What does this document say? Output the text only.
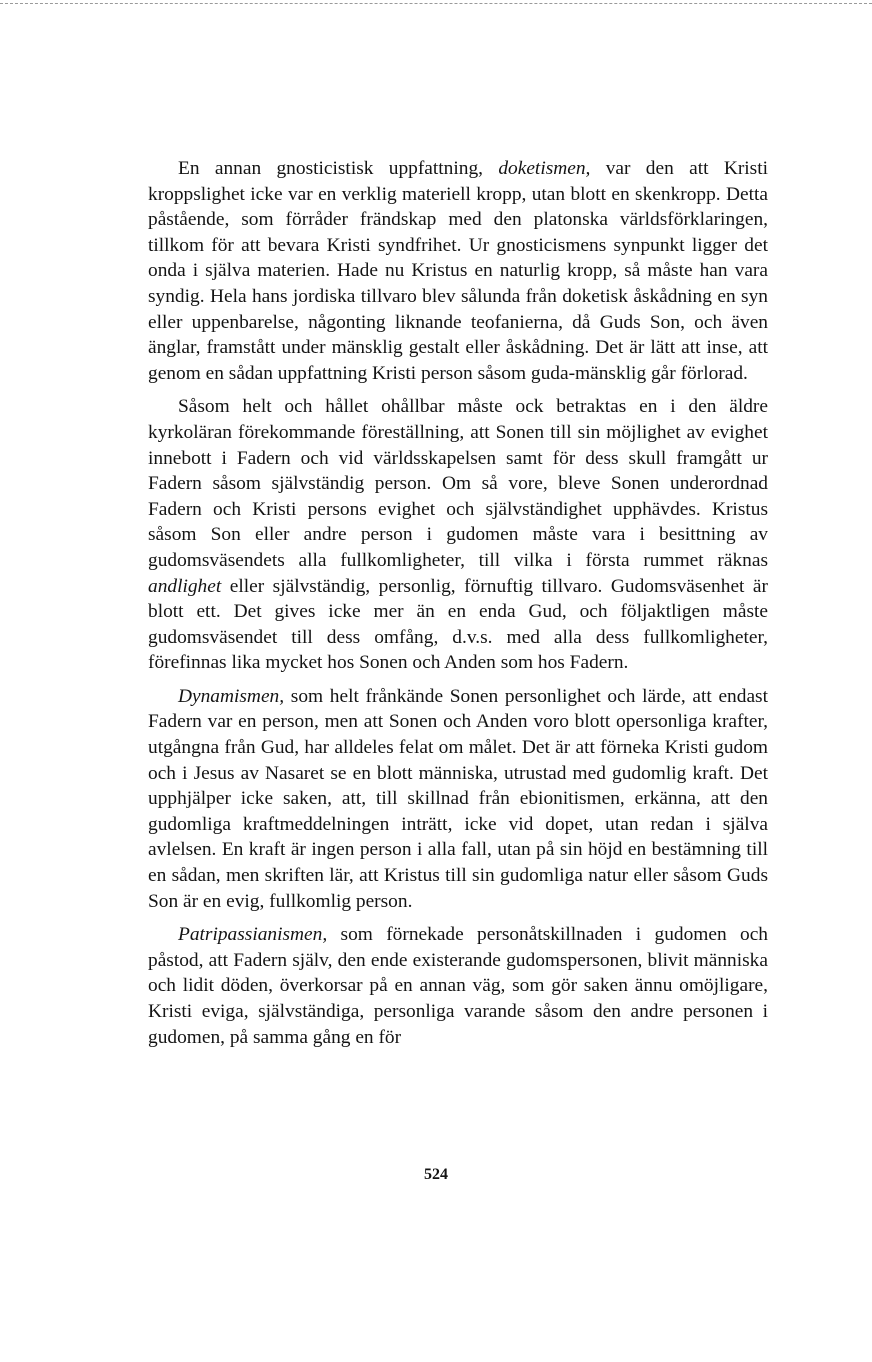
En annan gnosticistisk uppfattning, doketismen, var den att Kristi kroppslighet icke var en verklig materiell kropp, utan blott en skenkropp. Detta påstående, som förråder frändskap med den platonska världsförklaringen, tillkom för att bevara Kristi syndfrihet. Ur gnosticismens synpunkt ligger det onda i själva materien. Hade nu Kristus en naturlig kropp, så måste han vara syndig. Hela hans jordiska tillvaro blev sålunda från doketisk åskådning en syn eller uppenbarelse, någonting liknande teofanierna, då Guds Son, och även änglar, framstått under mänsklig gestalt eller åskådning. Det är lätt att inse, att genom en sådan uppfattning Kristi person såsom guda-mänsklig går förlorad.

Såsom helt och hållet ohållbar måste ock betraktas en i den äldre kyrkoläran förekommande föreställning, att Sonen till sin möjlighet av evighet innebott i Fadern och vid världsskapelsen samt för dess skull framgått ur Fadern såsom självständig person. Om så vore, bleve Sonen underordnad Fadern och Kristi persons evighet och självständighet upphävdes. Kristus såsom Son eller andre person i gudomen måste vara i besittning av gudomsväsendets alla fullkomligheter, till vilka i första rummet räknas andlighet eller självständig, personlig, förnuftig tillvaro. Gudomsväsenhet är blott ett. Det gives icke mer än en enda Gud, och följaktligen måste gudomsväsendet till dess omfång, d.v.s. med alla dess fullkomligheter, förefinnas lika mycket hos Sonen och Anden som hos Fadern.

Dynamismen, som helt frånkände Sonen personlighet och lärde, att endast Fadern var en person, men att Sonen och Anden voro blott opersonliga krafter, utgångna från Gud, har alldeles felat om målet. Det är att förneka Kristi gudom och i Jesus av Nasaret se en blott människa, utrustad med gudomlig kraft. Det upphjälper icke saken, att, till skillnad från ebionitismen, erkänna, att den gudomliga kraftmeddelningen inträtt, icke vid dopet, utan redan i själva avlelsen. En kraft är ingen person i alla fall, utan på sin höjd en bestämning till en sådan, men skriften lär, att Kristus till sin gudomliga natur eller såsom Guds Son är en evig, fullkomlig person.

Patripassianismen, som förnekade personåtskillnaden i gudomen och påstod, att Fadern själv, den ende existerande gudomspersonen, blivit människa och lidit döden, överkorsar på en annan väg, som gör saken ännu omöjligare, Kristi eviga, självständiga, personliga varande såsom den andre personen i gudomen, på samma gång en för

524
